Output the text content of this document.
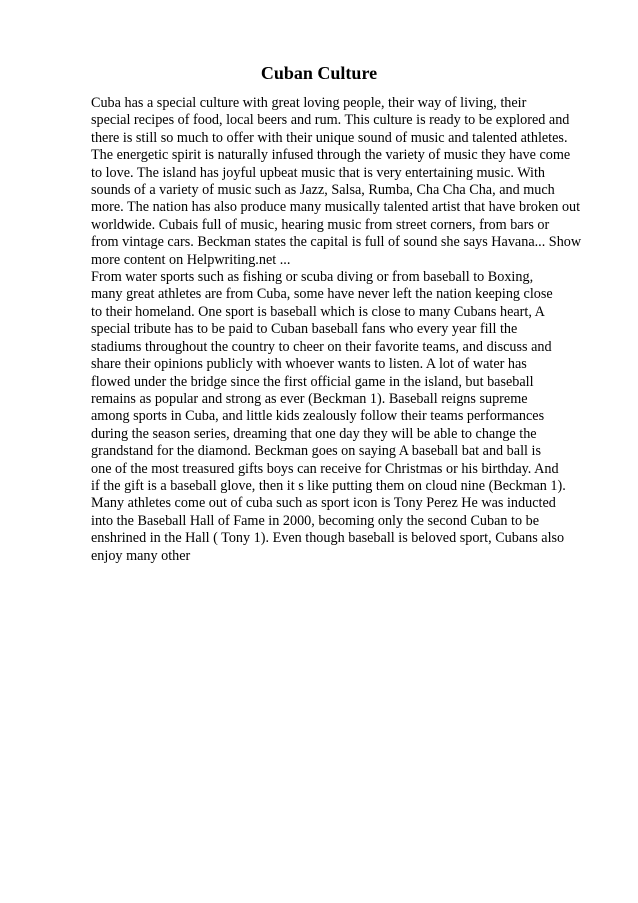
Cuban Culture
Cuba has a special culture with great loving people, their way of living, their
special recipes of food, local beers and rum. This culture is ready to be explored and
there is still so much to offer with their unique sound of music and talented athletes.
The energetic spirit is naturally infused through the variety of music they have come
to love. The island has joyful upbeat music that is very entertaining music. With
sounds of a variety of music such as Jazz, Salsa, Rumba, Cha Cha Cha, and much
more. The nation has also produce many musically talented artist that have broken out
worldwide. Cubais full of music, hearing music from street corners, from bars or
from vintage cars. Beckman states the capital is full of sound she says Havana... Show
more content on Helpwriting.net ...
From water sports such as fishing or scuba diving or from baseball to Boxing,
many great athletes are from Cuba, some have never left the nation keeping close
to their homeland. One sport is baseball which is close to many Cubans heart, A
special tribute has to be paid to Cuban baseball fans who every year fill the
stadiums throughout the country to cheer on their favorite teams, and discuss and
share their opinions publicly with whoever wants to listen. A lot of water has
flowed under the bridge since the first official game in the island, but baseball
remains as popular and strong as ever (Beckman 1). Baseball reigns supreme
among sports in Cuba, and little kids zealously follow their teams performances
during the season series, dreaming that one day they will be able to change the
grandstand for the diamond. Beckman goes on saying A baseball bat and ball is
one of the most treasured gifts boys can receive for Christmas or his birthday. And
if the gift is a baseball glove, then it s like putting them on cloud nine (Beckman 1).
Many athletes come out of cuba such as sport icon is Tony Perez He was inducted
into the Baseball Hall of Fame in 2000, becoming only the second Cuban to be
enshrined in the Hall ( Tony 1). Even though baseball is beloved sport, Cubans also
enjoy many other
